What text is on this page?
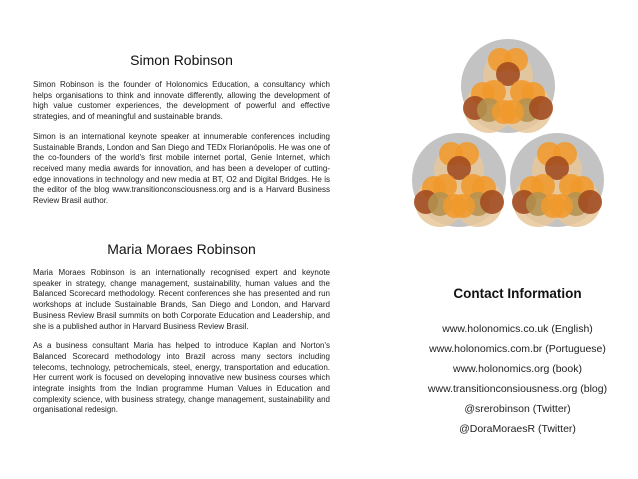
Simon Robinson

Simon Robinson is the founder of Holonomics Education, a consultancy which helps organisations to think and innovate differently, allowing the development of high value customer experiences, the development of powerful and effective strategies, and of meaningful and sustainable brands.

Simon is an international keynote speaker at innumerable conferences including Sustainable Brands, London and San Diego and TEDx Florianópolis. He was one of the co-founders of the world's first mobile internet portal, Genie Internet, which received many media awards for innovation, and has been a developer of cutting-edge innovations in technology and new media at BT, O2 and Digital Bridges. He is the editor of the blog www.transitionconsciousness.org and is a Harvard Business Review Brasil author.

Maria Moraes Robinson

Maria Moraes Robinson is an internationally recognised expert and keynote speaker in strategy, change management, sustainability, human values and the Balanced Scorecard methodology. Recent conferences she has presented and run workshops at include Sustainable Brands, San Diego and London, and Harvard Business Review Brasil summits on both Corporate Education and Leadership, and she is a published author in Harvard Business Review Brasil.

As a business consultant Maria has helped to introduce Kaplan and Norton's Balanced Scorecard methodology into Brazil across many sectors including telecoms, technology, petrochemicals, steel, energy, transportation and education. Her current work is focused on developing innovative new business courses which integrate insights from the Indian programme Human Values in Education and complexity science, with business strategy, change management, sustainability and organisational redesign.

Contact Information
www.holonomics.co.uk (English)
www.holonomics.com.br (Portuguese)
www.holonomics.org (book)
www.transitionconsiousness.org (blog)
@srerobinson (Twitter)
@DoraMoraesR (Twitter)
